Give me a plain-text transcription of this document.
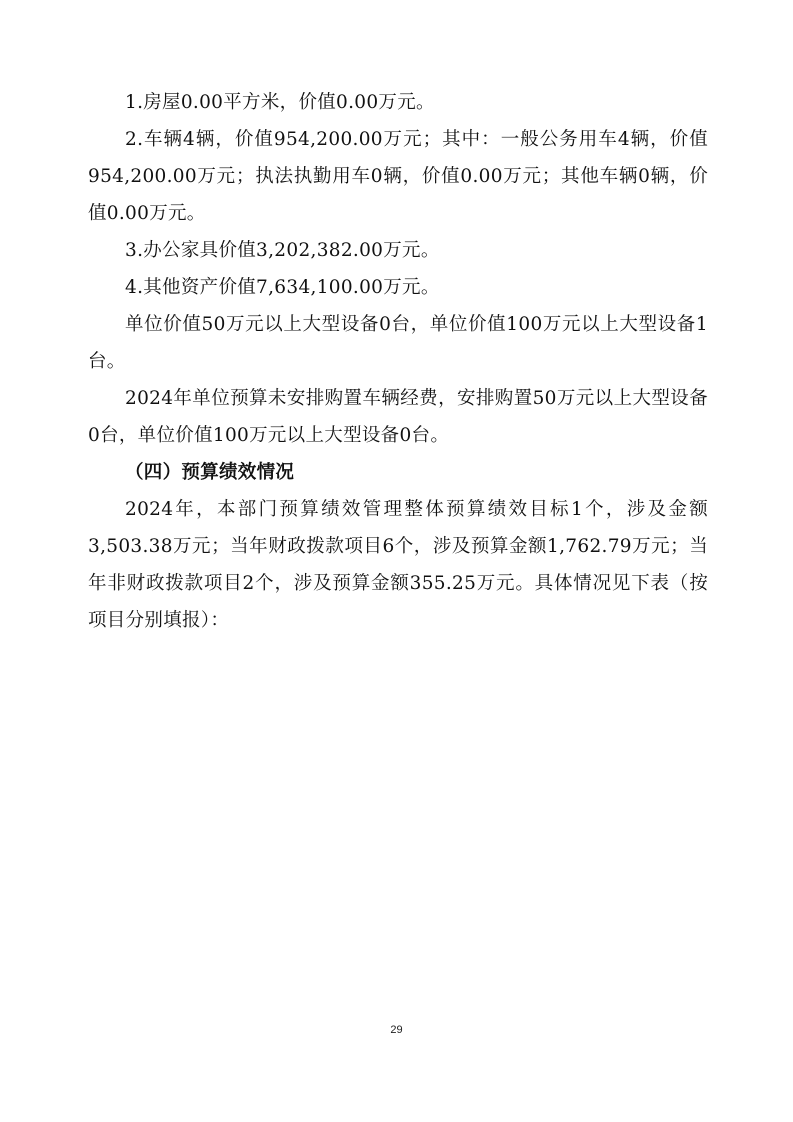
1.房屋0.00平方米，价值0.00万元。

2.车辆4辆，价值954,200.00万元；其中：一般公务用车4辆，价值954,200.00万元；执法执勤用车0辆，价值0.00万元；其他车辆0辆，价值0.00万元。

3.办公家具价值3,202,382.00万元。

4.其他资产价值7,634,100.00万元。

单位价值50万元以上大型设备0台，单位价值100万元以上大型设备1台。

2024年单位预算未安排购置车辆经费，安排购置50万元以上大型设备0台，单位价值100万元以上大型设备0台。

（四）预算绩效情况

2024年，本部门预算绩效管理整体预算绩效目标1个，涉及金额3,503.38万元；当年财政拨款项目6个，涉及预算金额1,762.79万元；当年非财政拨款项目2个，涉及预算金额355.25万元。具体情况见下表（按项目分别填报）：

29
